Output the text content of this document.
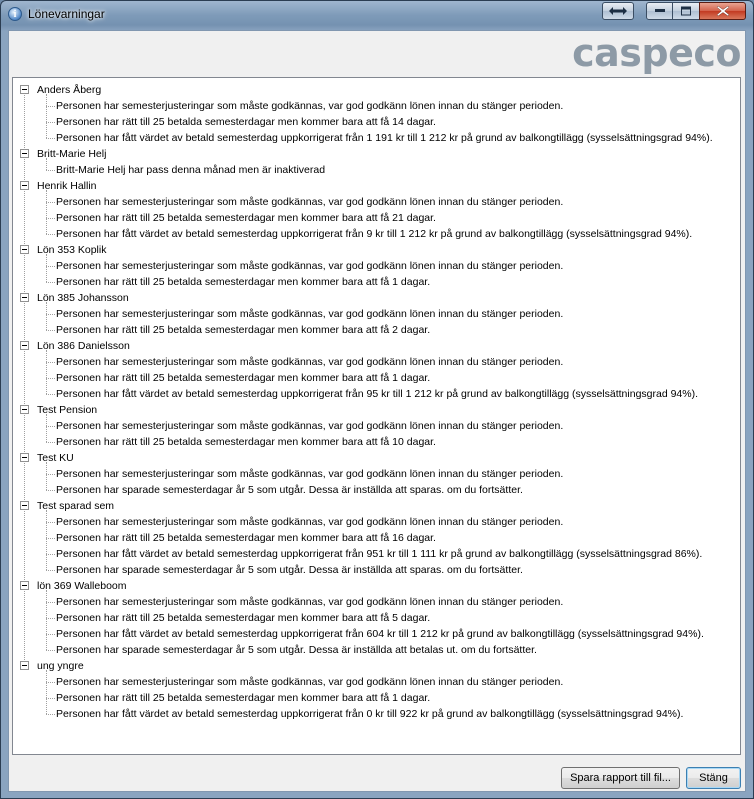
i Lönevarningar
caspeco
Anders Åberg
Personen har semesterjusteringar som måste godkännas, var god godkänn lönen innan du stänger perioden.
Personen har rätt till 25 betalda semesterdagar men kommer bara att få 14 dagar.
Personen har fått värdet av betald semesterdag uppkorrigerat från 1 191 kr till 1 212 kr på grund av balkongtillägg (sysselsättningsgrad 94%).
Britt-Marie Helj
Britt-Marie Helj har pass denna månad men är inaktiverad
Henrik Hallin
Personen har semesterjusteringar som måste godkännas, var god godkänn lönen innan du stänger perioden.
Personen har rätt till 25 betalda semesterdagar men kommer bara att få 21 dagar.
Personen har fått värdet av betald semesterdag uppkorrigerat från 9 kr till 1 212 kr på grund av balkongtillägg (sysselsättningsgrad 94%).
Lön 353 Koplik
Personen har semesterjusteringar som måste godkännas, var god godkänn lönen innan du stänger perioden.
Personen har rätt till 25 betalda semesterdagar men kommer bara att få 1 dagar.
Lön 385 Johansson
Personen har semesterjusteringar som måste godkännas, var god godkänn lönen innan du stänger perioden.
Personen har rätt till 25 betalda semesterdagar men kommer bara att få 2 dagar.
Lön 386 Danielsson
Personen har semesterjusteringar som måste godkännas, var god godkänn lönen innan du stänger perioden.
Personen har rätt till 25 betalda semesterdagar men kommer bara att få 1 dagar.
Personen har fått värdet av betald semesterdag uppkorrigerat från 95 kr till 1 212 kr på grund av balkongtillägg (sysselsättningsgrad 94%).
Test Pension
Personen har semesterjusteringar som måste godkännas, var god godkänn lönen innan du stänger perioden.
Personen har rätt till 25 betalda semesterdagar men kommer bara att få 10 dagar.
Test KU
Personen har semesterjusteringar som måste godkännas, var god godkänn lönen innan du stänger perioden.
Personen har sparade semesterdagar år 5 som utgår. Dessa är inställda att sparas. om du fortsätter.
Test sparad sem
Personen har semesterjusteringar som måste godkännas, var god godkänn lönen innan du stänger perioden.
Personen har rätt till 25 betalda semesterdagar men kommer bara att få 16 dagar.
Personen har fått värdet av betald semesterdag uppkorrigerat från 951 kr till 1 111 kr på grund av balkongtillägg (sysselsättningsgrad 86%).
Personen har sparade semesterdagar år 5 som utgår. Dessa är inställda att sparas. om du fortsätter.
lön 369 Walleboom
Personen har semesterjusteringar som måste godkännas, var god godkänn lönen innan du stänger perioden.
Personen har rätt till 25 betalda semesterdagar men kommer bara att få 5 dagar.
Personen har fått värdet av betald semesterdag uppkorrigerat från 604 kr till 1 212 kr på grund av balkongtillägg (sysselsättningsgrad 94%).
Personen har sparade semesterdagar år 5 som utgår. Dessa är inställda att betalas ut. om du fortsätter.
ung yngre
Personen har semesterjusteringar som måste godkännas, var god godkänn lönen innan du stänger perioden.
Personen har rätt till 25 betalda semesterdagar men kommer bara att få 1 dagar.
Personen har fått värdet av betald semesterdag uppkorrigerat från 0 kr till 922 kr på grund av balkongtillägg (sysselsättningsgrad 94%).
Spara rapport till fil...	Stäng
